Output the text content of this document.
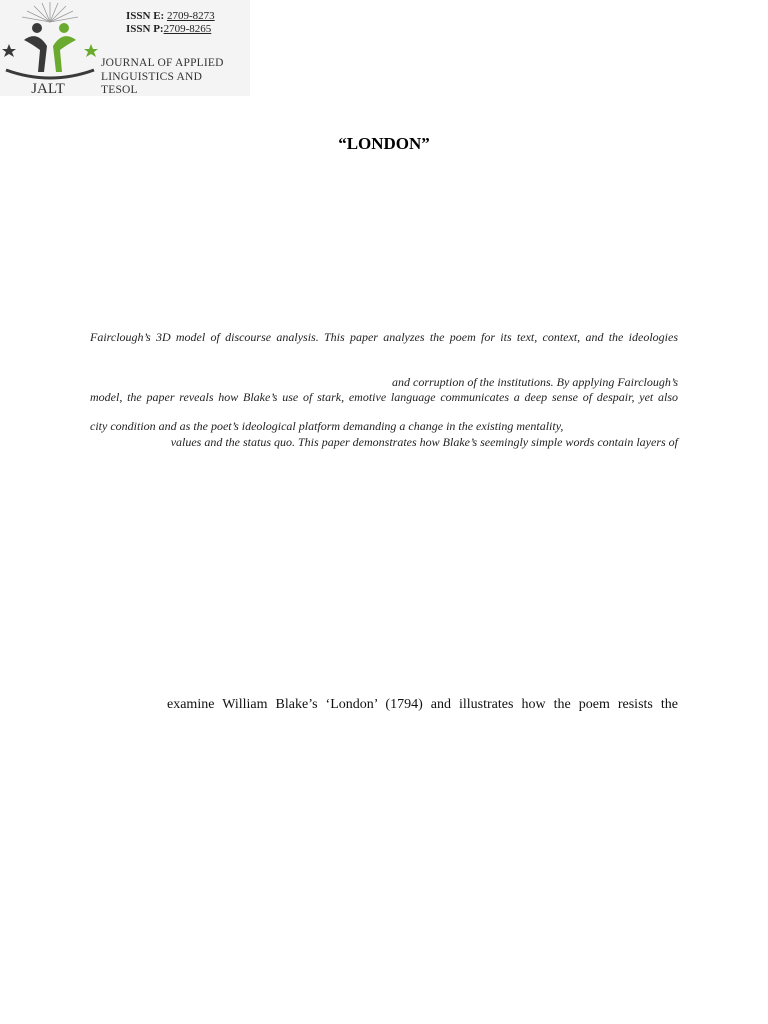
JALT
ISSN E: 2709-8273
ISSN P:2709-8265
JOURNAL OF APPLIED
LINGUISTICS AND
TESOL
“LONDON”
Fairclough’s 3D model of discourse analysis. This paper analyzes the poem for its text, context, and the ideologies
and corruption of the institutions. By applying Fairclough’s
model, the paper reveals how Blake’s use of stark, emotive language communicates a deep sense of despair, yet also
city condition and as the poet’s ideological platform demanding a change in the existing mentality,
values and the status quo. This paper demonstrates how Blake’s seemingly simple words contain layers of
examine William Blake’s ‘London’ (1794) and illustrates how the poem resists the
